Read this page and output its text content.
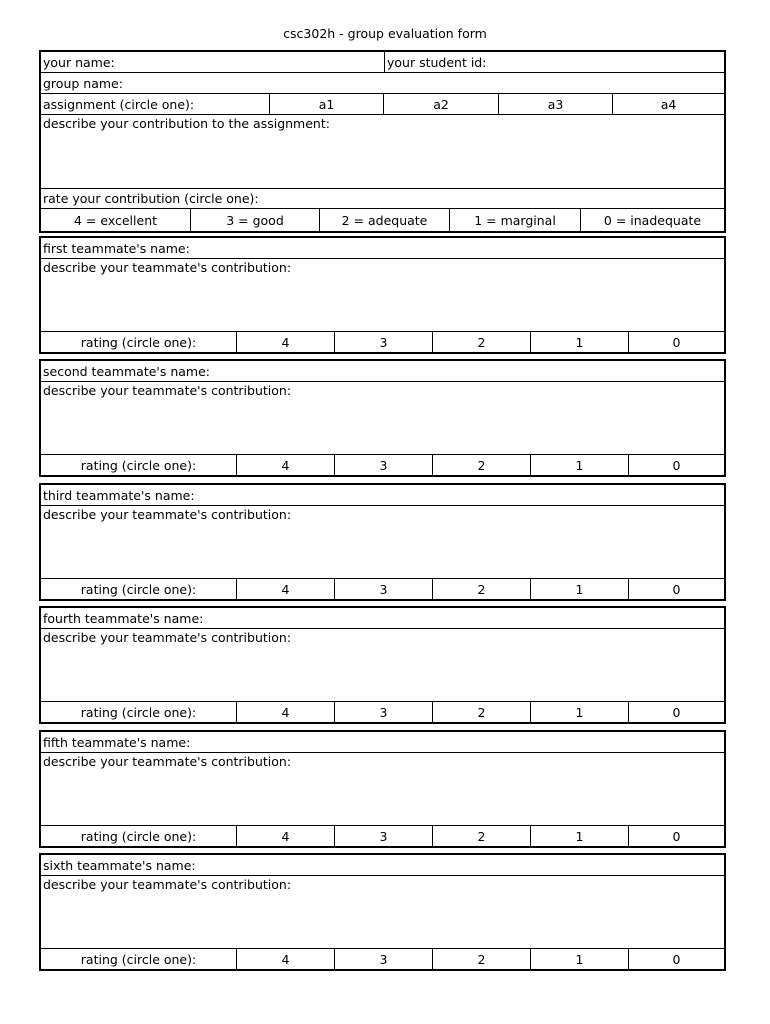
csc302h - group evaluation form
your name:	your student id:
group name:
assignment (circle one):	a1	a2	a3	a4
describe your contribution to the assignment:
rate your contribution (circle one):
4 = excellent	3 = good	2 = adequate	1 = marginal	0 = inadequate
first teammate's name:
describe your teammate's contribution:
rating (circle one):	4	3	2	1	0
second teammate's name:
describe your teammate's contribution:
rating (circle one):	4	3	2	1	0
third teammate's name:
describe your teammate's contribution:
rating (circle one):	4	3	2	1	0
fourth teammate's name:
describe your teammate's contribution:
rating (circle one):	4	3	2	1	0
fifth teammate's name:
describe your teammate's contribution:
rating (circle one):	4	3	2	1	0
sixth teammate's name:
describe your teammate's contribution:
rating (circle one):	4	3	2	1	0
